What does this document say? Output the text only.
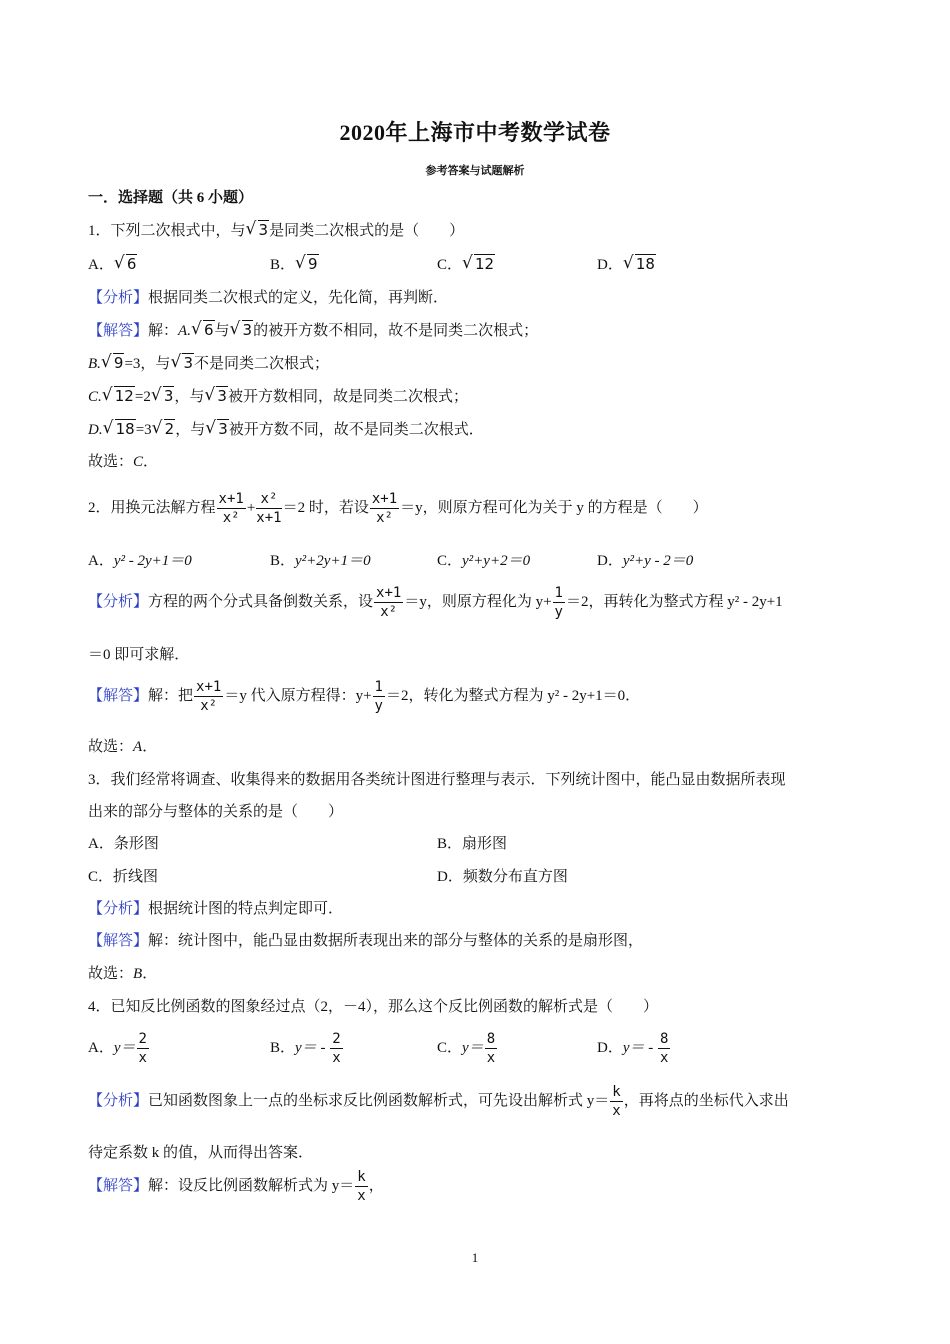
2020年上海市中考数学试卷
参考答案与试题解析
一．选择题（共 6 小题）
1．下列二次根式中，与 √ 3是同类二次根式的是（　　）
A． √ 6	B． √ 9	C． √ 12	D． √ 18
【分析】根据同类二次根式的定义，先化简，再判断．
【解答】解：A. √ 6与 √ 3的被开方数不相同，故不是同类二次根式；
B. √ 9=3，与 √ 3不是同类二次根式；
C. √ 12=2 √ 3，与 √ 3被开方数相同，故是同类二次根式；
D. √ 18=3 √ 2，与 √ 3被开方数不同，故不是同类二次根式．
故选：C．
2．用换元法解方程 $\frac{x+1}{\text{x²}} + \frac{\text{x²}}{x+1} =2$ 时，若设 $\frac{x+1}{\text{x²}} =y$，则原方程可化为关于 y 的方程是（　　）
A．y² - 2y+1＝0	B．y²+2y+1＝0	C．y²+y+2＝0	D．y²+y - 2＝0
【分析】方程的两个分式具备倒数关系，设 $\frac{x+1}{\text{x²}} =y$，则原方程化为 $y+ \frac{1}{y} =2$，再转化为整式方程 y² - 2y+1
＝0 即可求解．
【解答】解：把 $\frac{x+1}{\text{x²}} =y$ 代入原方程得：$y+ \frac{1}{y} =2$，转化为整式方程为 y² - 2y+1＝0．
故选：A．
3．我们经常将调查、收集得来的数据用各类统计图进行整理与表示．下列统计图中，能凸显由数据所表现
出来的部分与整体的关系的是（　　）
A．条形图	B．扇形图
C．折线图	D．频数分布直方图
【分析】根据统计图的特点判定即可．
【解答】解：统计图中，能凸显由数据所表现出来的部分与整体的关系的是扇形图，
故选：B．
4．已知反比例函数的图象经过点（2，－4），那么这个反比例函数的解析式是（　　）
A．$y= \frac{2}{x}$	B．$y= - \frac{2}{x}$	C．$y= \frac{8}{x}$	D．$y= - \frac{8}{x}$
【分析】已知函数图象上一点的坐标求反比例函数解析式，可先设出解析式 $y= \frac{k}{x}$ ，再将点的坐标代入求出
待定系数 k 的值，从而得出答案．
【解答】解：设反比例函数解析式为 $y= \frac{k}{x}$ ，
1
